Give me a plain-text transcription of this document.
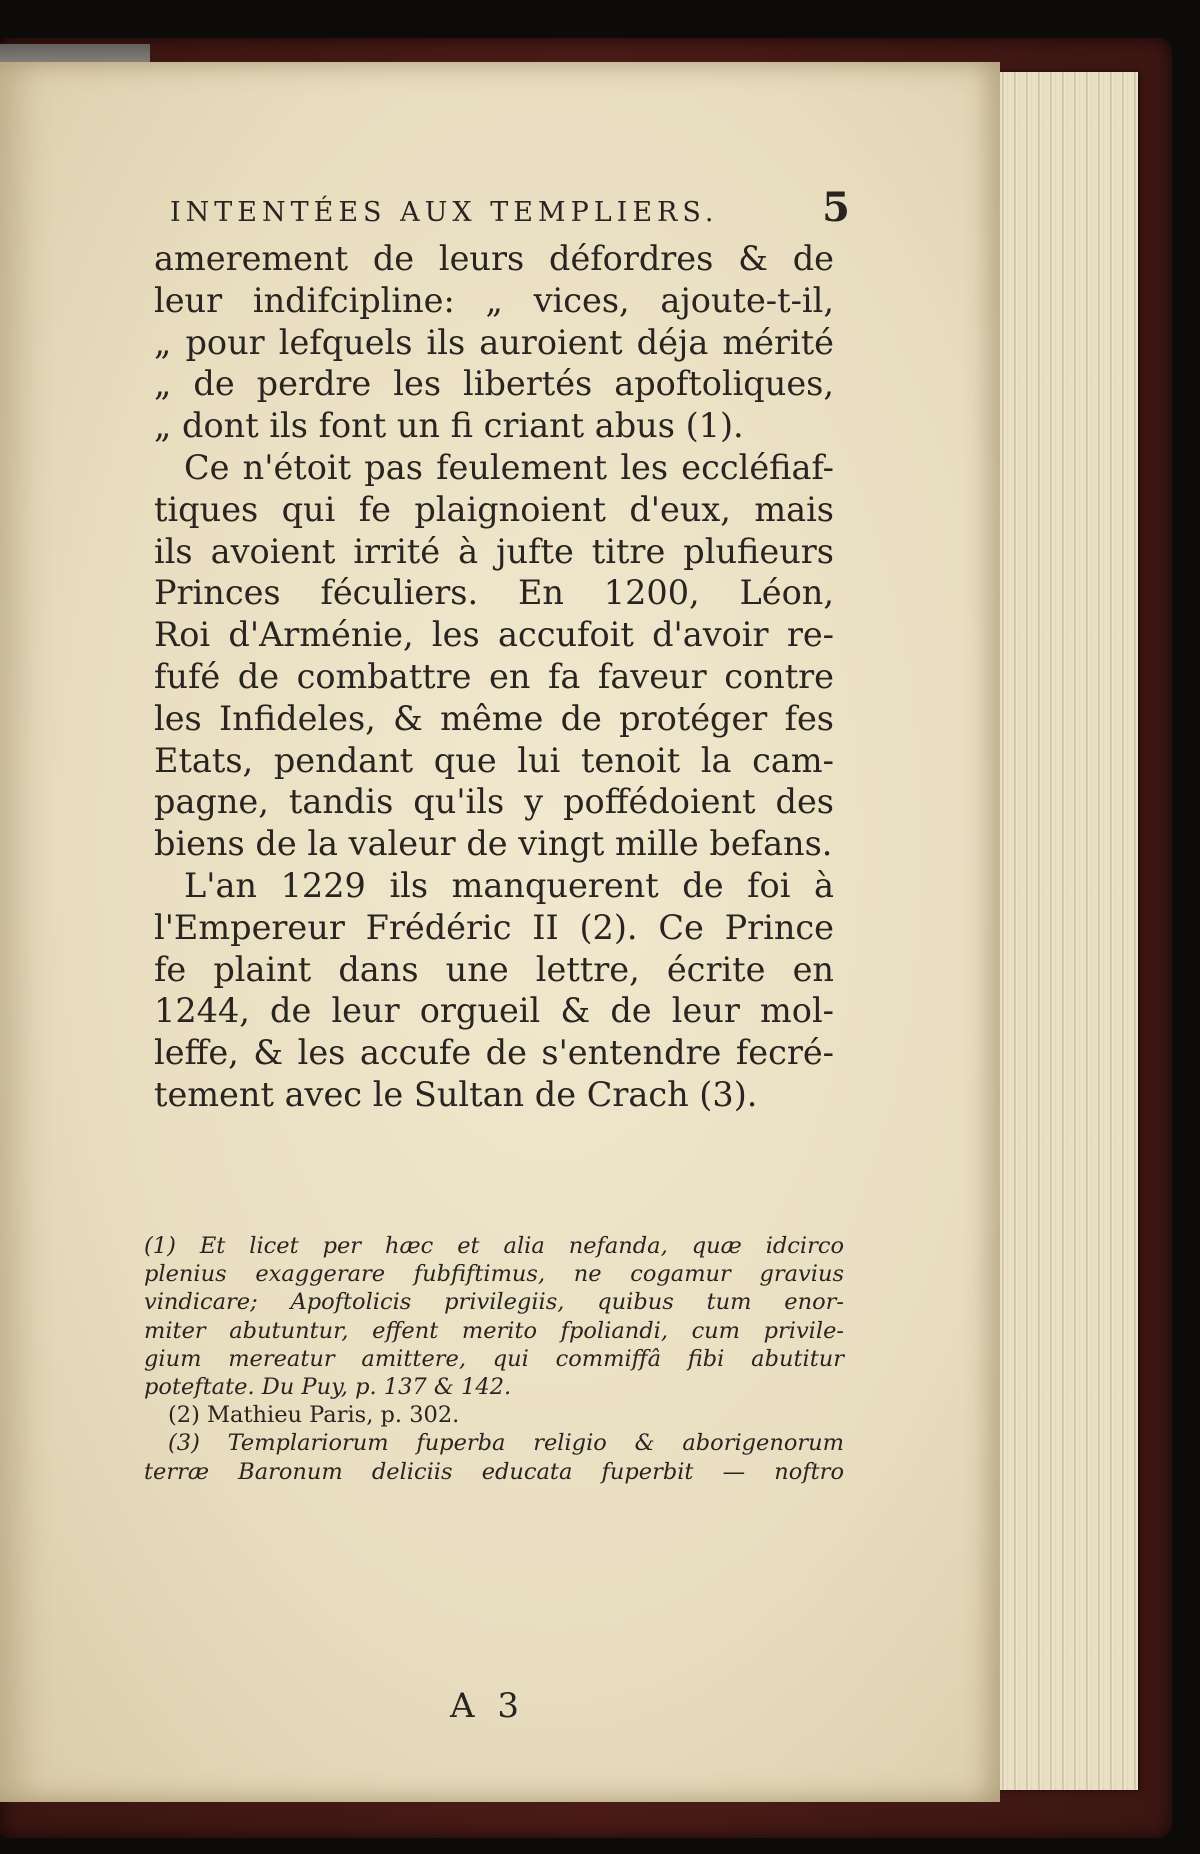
INTENTÉES AUX TEMPLIERS.	5
amerement de leurs défordres & de
leur indifcipline: „ vices, ajoute-t-il,
„ pour lefquels ils auroient déja mérité
„ de perdre les libertés apoftoliques,
„ dont ils font un fi criant abus (1).
Ce n'étoit pas feulement les eccléfiaf-
tiques qui fe plaignoient d'eux, mais
ils avoient irrité à jufte titre plufieurs
Princes féculiers. En 1200, Léon,
Roi d'Arménie, les accufoit d'avoir re-
fufé de combattre en fa faveur contre
les Infideles, & même de protéger fes
Etats, pendant que lui tenoit la cam-
pagne, tandis qu'ils y poffédoient des
biens de la valeur de vingt mille befans.
L'an 1229 ils manquerent de foi à
l'Empereur Frédéric II (2). Ce Prince
fe plaint dans une lettre, écrite en
1244, de leur orgueil & de leur mol-
leffe, & les accufe de s'entendre fecré-
tement avec le Sultan de Crach (3).
(1) Et licet per hæc et alia nefanda, quæ idcirco
plenius exaggerare fubfiftimus, ne cogamur gravius
vindicare; Apoftolicis privilegiis, quibus tum enor-
miter abutuntur, effent merito fpoliandi, cum privile-
gium mereatur amittere, qui commiffâ fibi abutitur
poteftate. Du Puy, p. 137 & 142.
(2) Mathieu Paris, p. 302.
(3) Templariorum fuperba religio & aborigenorum
terræ Baronum deliciis educata fuperbit — noftro
A 3
